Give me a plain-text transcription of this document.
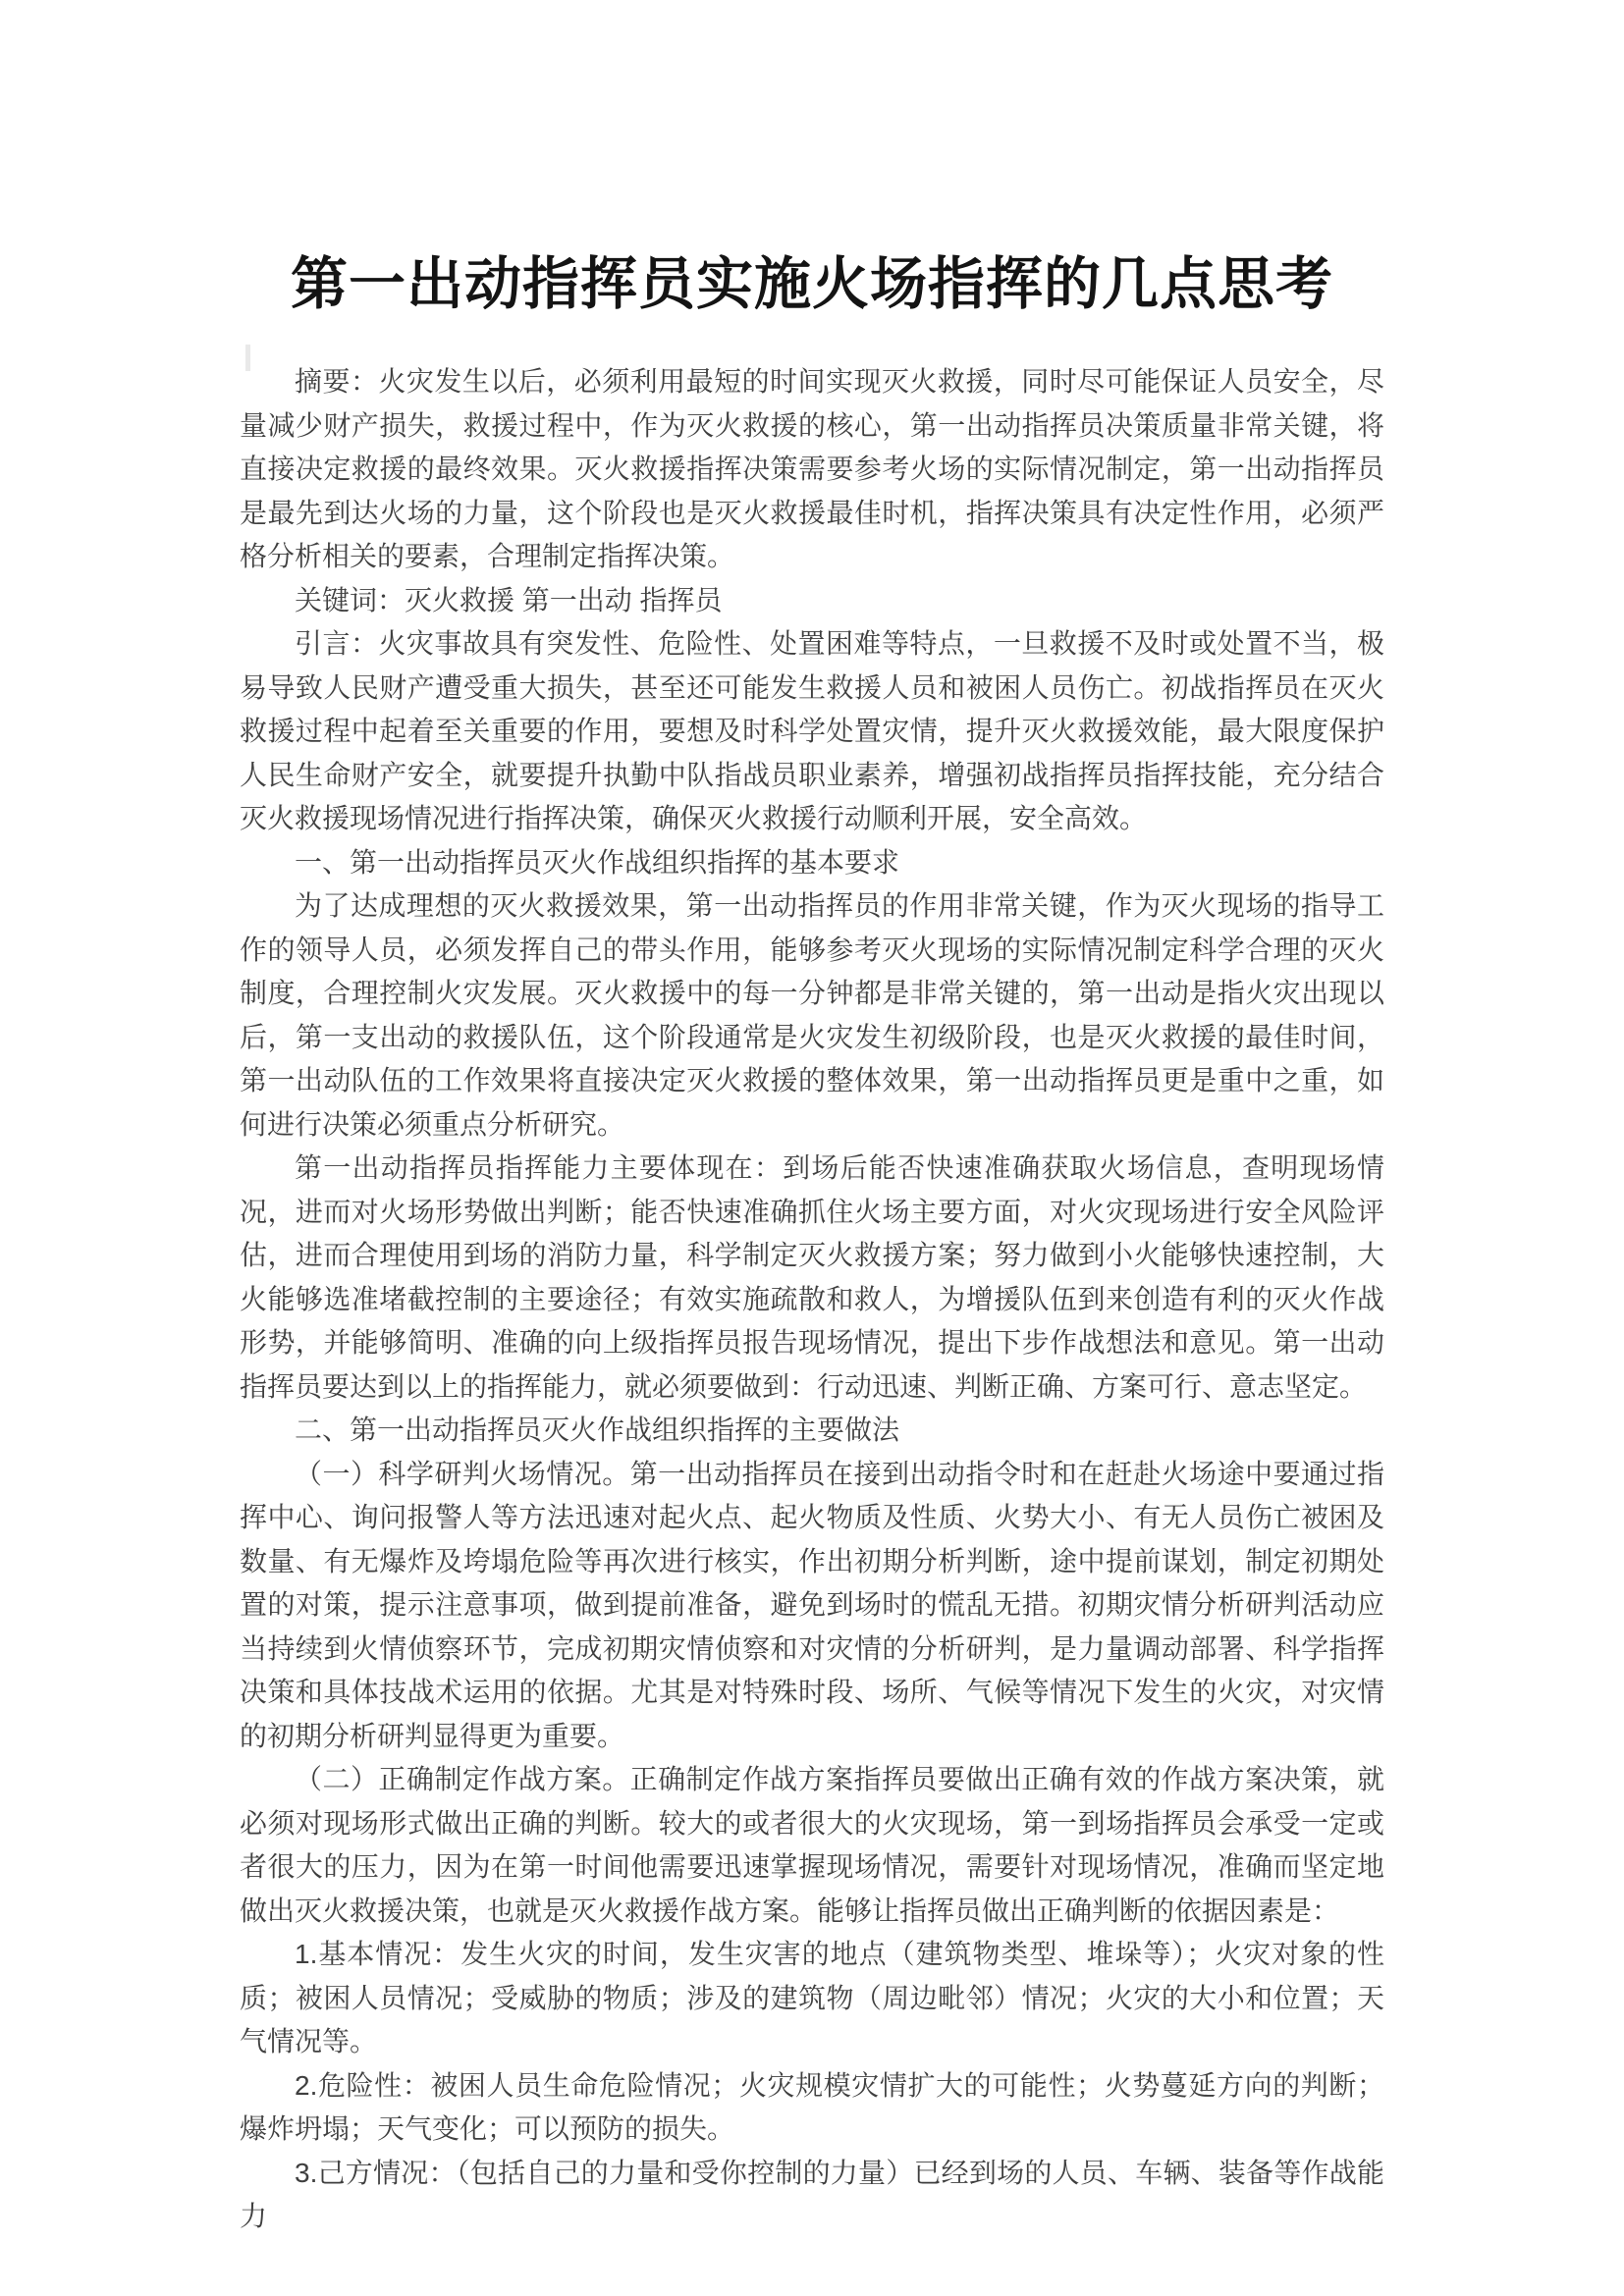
第一出动指挥员实施火场指挥的几点思考

摘要：火灾发生以后，必须利用最短的时间实现灭火救援，同时尽可能保证人员安全，尽量减少财产损失，救援过程中，作为灭火救援的核心，第一出动指挥员决策质量非常关键，将直接决定救援的最终效果。灭火救援指挥决策需要参考火场的实际情况制定，第一出动指挥员是最先到达火场的力量，这个阶段也是灭火救援最佳时机，指挥决策具有决定性作用，必须严格分析相关的要素，合理制定指挥决策。

关键词：灭火救援 第一出动 指挥员

引言：火灾事故具有突发性、危险性、处置困难等特点，一旦救援不及时或处置不当，极易导致人民财产遭受重大损失，甚至还可能发生救援人员和被困人员伤亡。初战指挥员在灭火救援过程中起着至关重要的作用，要想及时科学处置灾情，提升灭火救援效能，最大限度保护人民生命财产安全，就要提升执勤中队指战员职业素养，增强初战指挥员指挥技能，充分结合灭火救援现场情况进行指挥决策，确保灭火救援行动顺利开展，安全高效。

一、第一出动指挥员灭火作战组织指挥的基本要求

为了达成理想的灭火救援效果，第一出动指挥员的作用非常关键，作为灭火现场的指导工作的领导人员，必须发挥自己的带头作用，能够参考灭火现场的实际情况制定科学合理的灭火制度，合理控制火灾发展。灭火救援中的每一分钟都是非常关键的，第一出动是指火灾出现以后，第一支出动的救援队伍，这个阶段通常是火灾发生初级阶段，也是灭火救援的最佳时间，第一出动队伍的工作效果将直接决定灭火救援的整体效果，第一出动指挥员更是重中之重，如何进行决策必须重点分析研究。

第一出动指挥员指挥能力主要体现在：到场后能否快速准确获取火场信息，查明现场情况，进而对火场形势做出判断；能否快速准确抓住火场主要方面，对火灾现场进行安全风险评估，进而合理使用到场的消防力量，科学制定灭火救援方案；努力做到小火能够快速控制，大火能够选准堵截控制的主要途径；有效实施疏散和救人，为增援队伍到来创造有利的灭火作战形势，并能够简明、准确的向上级指挥员报告现场情况，提出下步作战想法和意见。第一出动指挥员要达到以上的指挥能力，就必须要做到：行动迅速、判断正确、方案可行、意志坚定。

二、第一出动指挥员灭火作战组织指挥的主要做法

（一）科学研判火场情况。第一出动指挥员在接到出动指令时和在赶赴火场途中要通过指挥中心、询问报警人等方法迅速对起火点、起火物质及性质、火势大小、有无人员伤亡被困及数量、有无爆炸及垮塌危险等再次进行核实，作出初期分析判断，途中提前谋划，制定初期处置的对策，提示注意事项，做到提前准备，避免到场时的慌乱无措。初期灾情分析研判活动应当持续到火情侦察环节，完成初期灾情侦察和对灾情的分析研判，是力量调动部署、科学指挥决策和具体技战术运用的依据。尤其是对特殊时段、场所、气候等情况下发生的火灾，对灾情的初期分析研判显得更为重要。

（二）正确制定作战方案。正确制定作战方案指挥员要做出正确有效的作战方案决策，就必须对现场形式做出正确的判断。较大的或者很大的火灾现场，第一到场指挥员会承受一定或者很大的压力，因为在第一时间他需要迅速掌握现场情况，需要针对现场情况，准确而坚定地做出灭火救援决策，也就是灭火救援作战方案。能够让指挥员做出正确判断的依据因素是：

1.基本情况：发生火灾的时间，发生灾害的地点（建筑物类型、堆垛等）；火灾对象的性质；被困人员情况；受威胁的物质；涉及的建筑物（周边毗邻）情况；火灾的大小和位置；天气情况等。

2.危险性：被困人员生命危险情况；火灾规模灾情扩大的可能性；火势蔓延方向的判断；爆炸坍塌；天气变化；可以预防的损失。

3.己方情况：（包括自己的力量和受你控制的力量）已经到场的人员、车辆、装备等作战能力
